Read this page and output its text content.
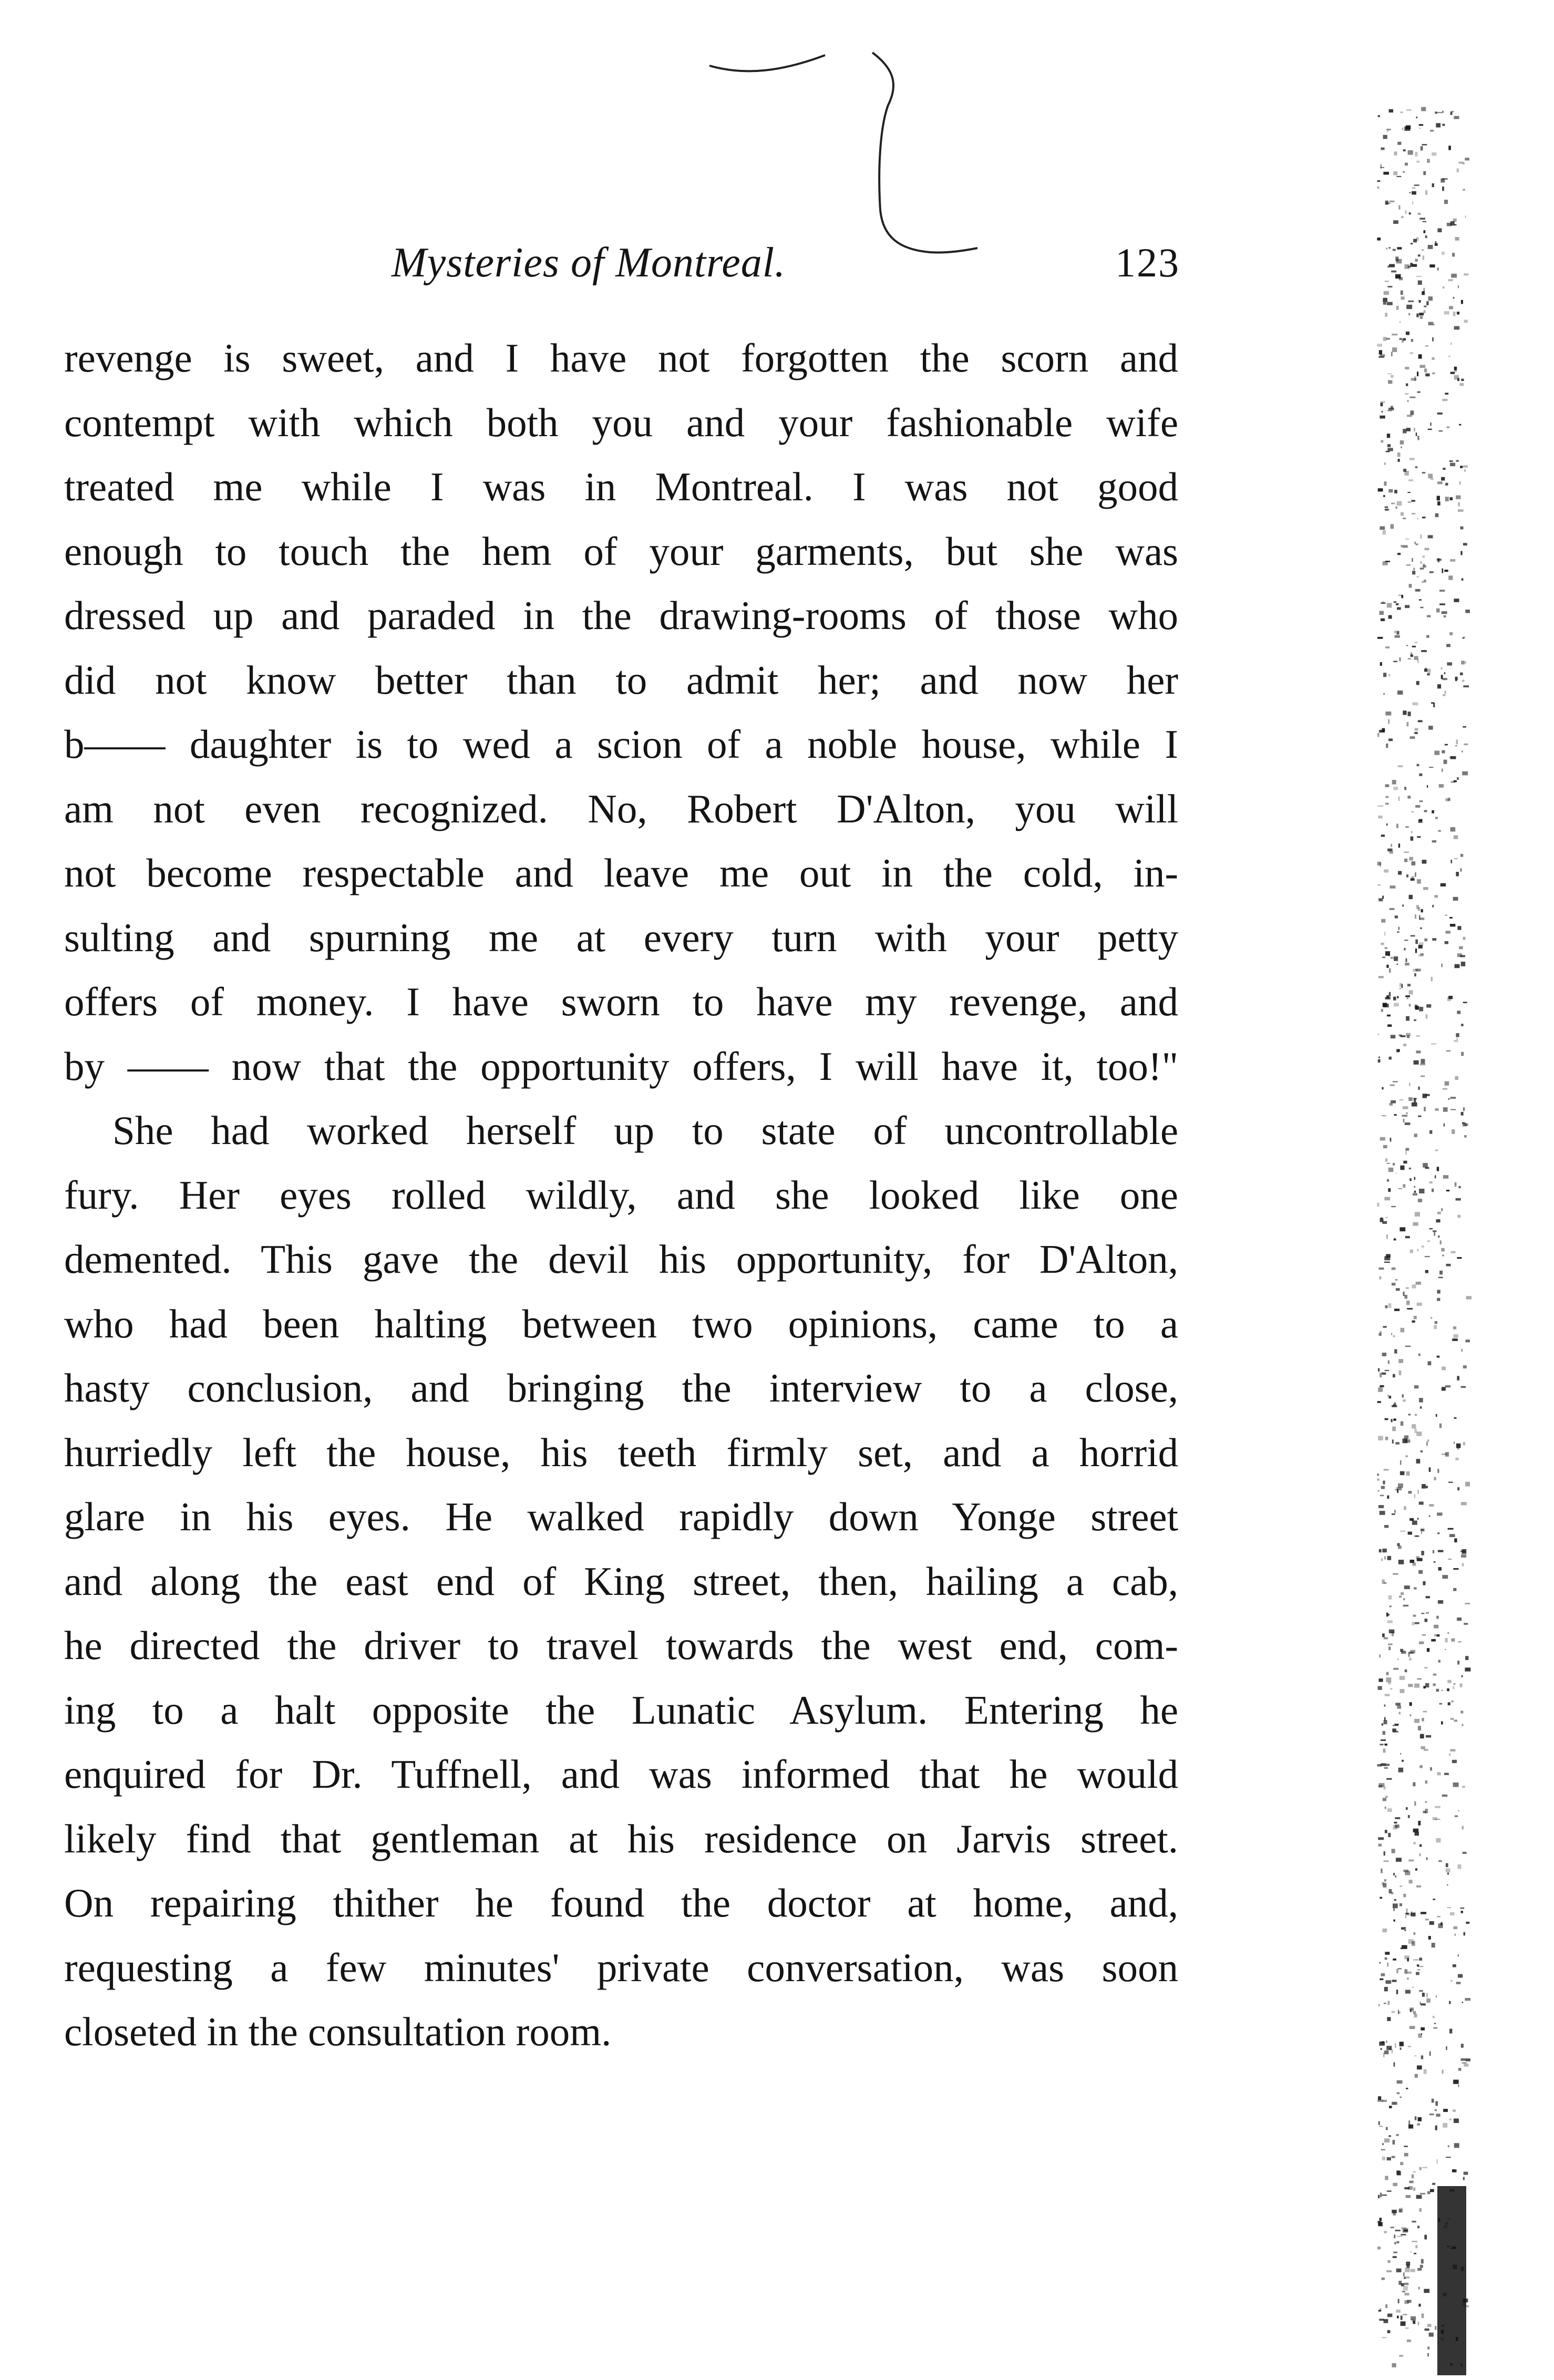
Mysteries of Montreal.	123
revenge is sweet, and I have not forgotten the scorn and
contempt with which both you and your fashionable wife
treated me while I was in Montreal. I was not good
enough to touch the hem of your garments, but she was
dressed up and paraded in the drawing-rooms of those who
did not know better than to admit her; and now her
b—— daughter is to wed a scion of a noble house, while I
am not even recognized. No, Robert D'Alton, you will
not become respectable and leave me out in the cold, in-
sulting and spurning me at every turn with your petty
offers of money. I have sworn to have my revenge, and
by —— now that the opportunity offers, I will have it, too!"
She had worked herself up to state of uncontrollable
fury. Her eyes rolled wildly, and she looked like one
demented. This gave the devil his opportunity, for D'Alton,
who had been halting between two opinions, came to a
hasty conclusion, and bringing the interview to a close,
hurriedly left the house, his teeth firmly set, and a horrid
glare in his eyes. He walked rapidly down Yonge street
and along the east end of King street, then, hailing a cab,
he directed the driver to travel towards the west end, com-
ing to a halt opposite the Lunatic Asylum. Entering he
enquired for Dr. Tuffnell, and was informed that he would
likely find that gentleman at his residence on Jarvis street.
On repairing thither he found the doctor at home, and,
requesting a few minutes' private conversation, was soon
closeted in the consultation room.
